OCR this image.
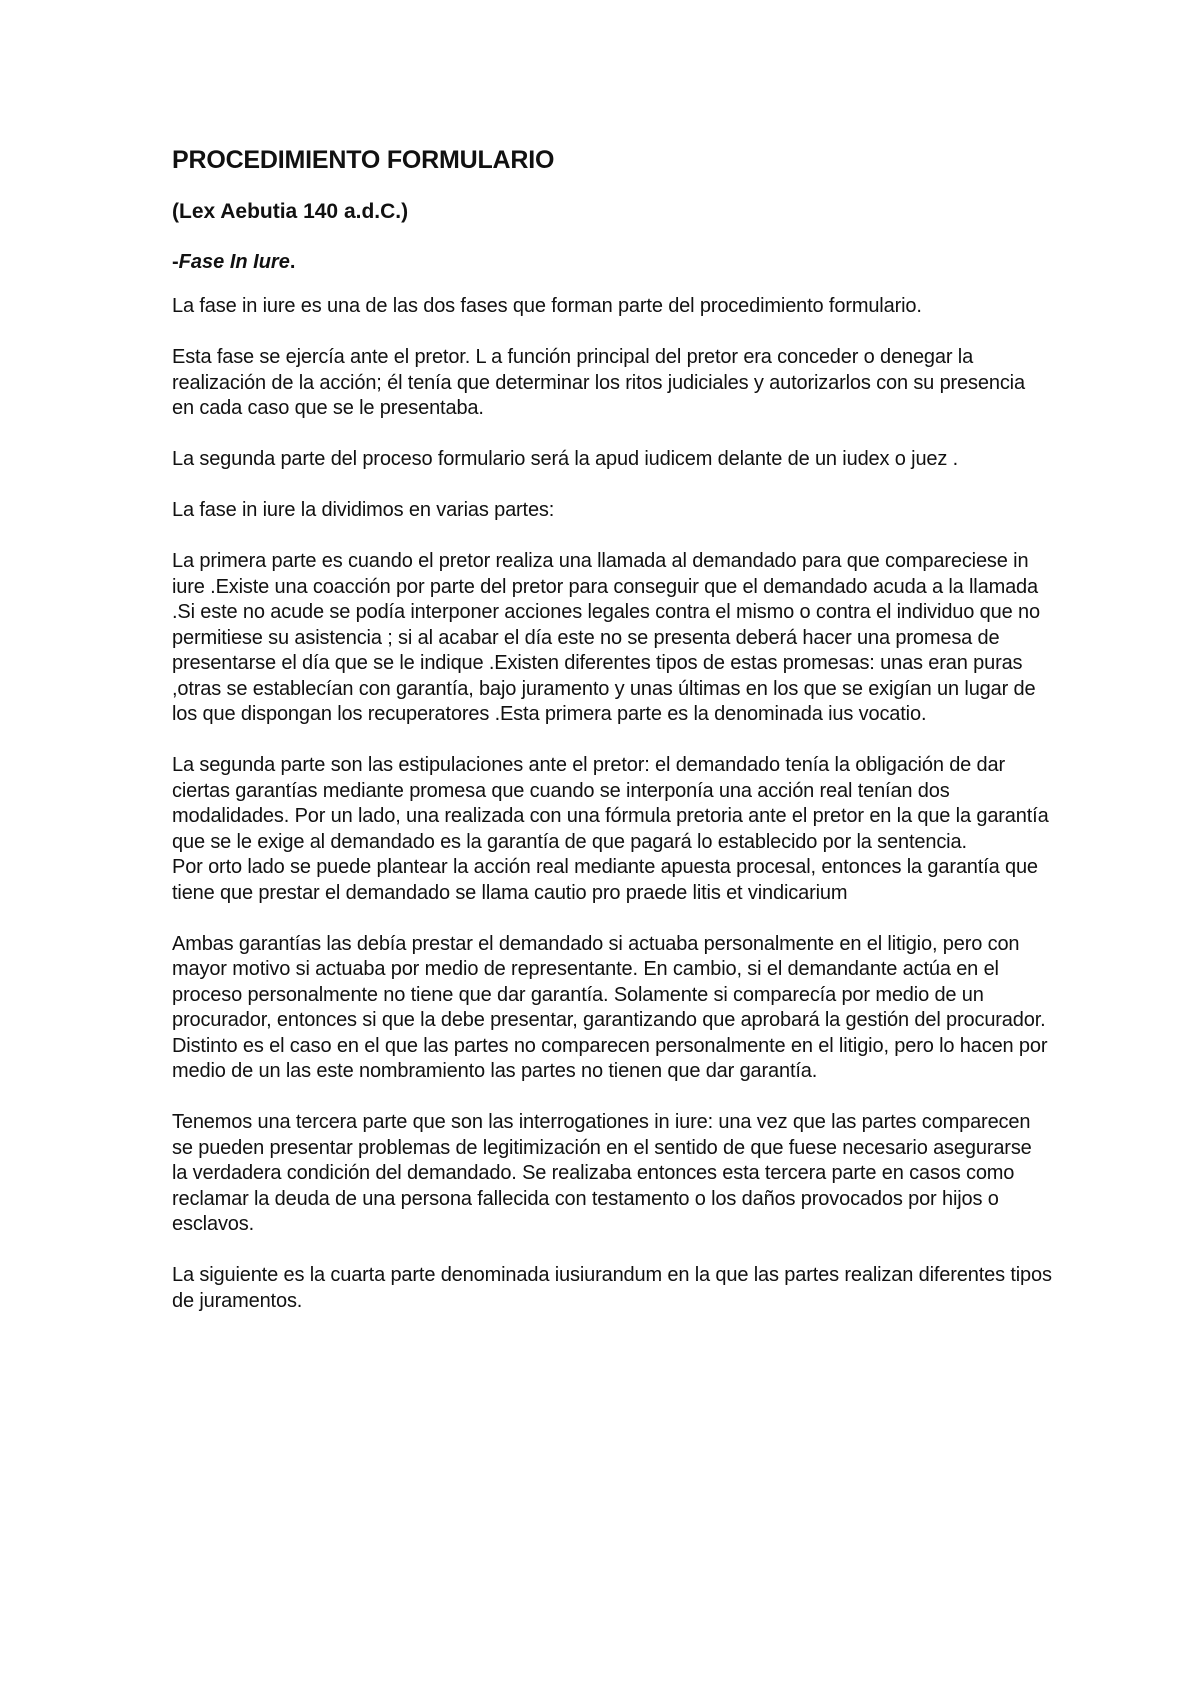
PROCEDIMIENTO FORMULARIO
(Lex Aebutia 140 a.d.C.)
-Fase In Iure.

La fase in iure es una de las dos fases que forman parte del procedimiento formulario.

Esta fase se ejercía ante el pretor. L a función principal del pretor era conceder o denegar la realización de la acción; él tenía que determinar los ritos judiciales y autorizarlos con su presencia en cada caso que se le presentaba.

La segunda parte del proceso formulario será la apud iudicem delante de un iudex o juez .

La fase in iure la dividimos en varias partes:

La primera parte es cuando el pretor realiza una llamada al demandado para que compareciese in iure .Existe una coacción por parte del pretor para conseguir que el demandado acuda a la llamada .Si este no acude se podía interponer acciones legales contra el mismo o contra el individuo que no permitiese su asistencia ; si al acabar el día este no se presenta deberá hacer una promesa de presentarse el día que se le indique .Existen diferentes tipos de estas promesas: unas eran puras ,otras se establecían con garantía, bajo juramento y unas últimas en los que se exigían un lugar de los que dispongan los recuperatores .Esta primera parte es la denominada ius vocatio.

La segunda parte son las estipulaciones ante el pretor: el demandado tenía la obligación de dar ciertas garantías mediante promesa que cuando se interponía una acción real tenían dos modalidades. Por un lado, una realizada con una fórmula pretoria ante el pretor en la que la garantía que se le exige al demandado es la garantía de que pagará lo establecido por la sentencia.

Por orto lado se puede plantear la acción real mediante apuesta procesal, entonces la garantía que tiene que prestar el demandado se llama cautio pro praede litis et vindicarium

Ambas garantías las debía prestar el demandado si actuaba personalmente en el litigio, pero con mayor motivo si actuaba por medio de representante. En cambio, si el demandante actúa en el proceso personalmente no tiene que dar garantía. Solamente si comparecía por medio de un procurador, entonces si que la debe presentar, garantizando que aprobará la gestión del procurador.

Distinto es el caso en el que las partes no comparecen personalmente en el litigio, pero lo hacen por medio de un las este nombramiento las partes no tienen que dar garantía.

Tenemos una tercera parte que son las interrogationes in iure: una vez que las partes comparecen se pueden presentar problemas de legitimización en el sentido de que fuese necesario asegurarse la verdadera condición del demandado. Se realizaba entonces esta tercera parte en casos como reclamar la deuda de una persona fallecida con testamento o los daños provocados por hijos o esclavos.

La siguiente es la cuarta parte denominada iusiurandum en la que las partes realizan diferentes tipos de juramentos.
